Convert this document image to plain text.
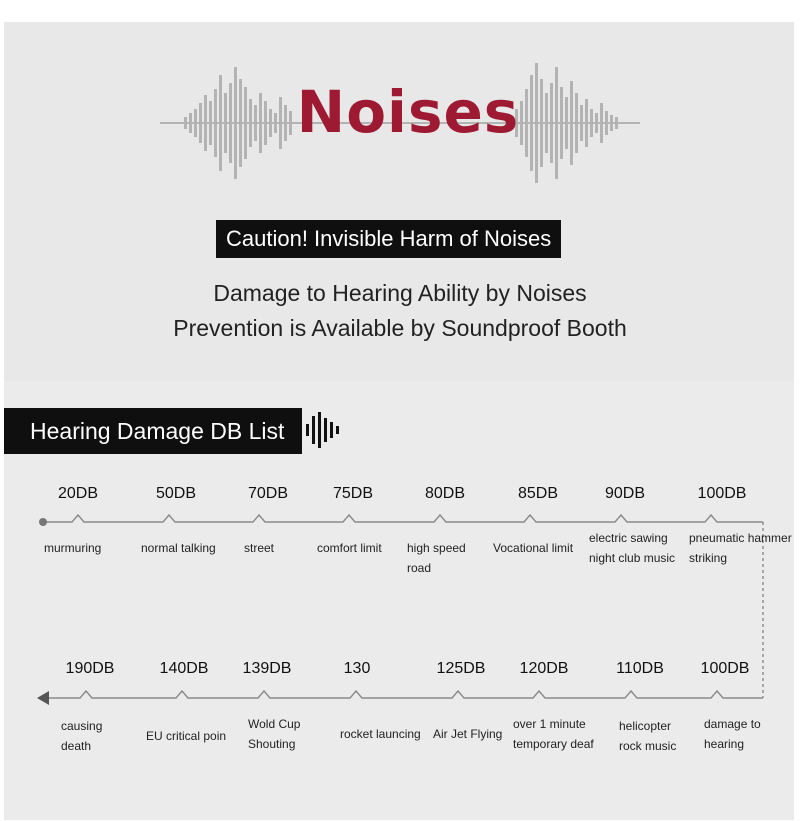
Noises
Caution! Invisible Harm of Noises
Damage to Hearing Ability by Noises
Prevention is Available by Soundproof Booth
Hearing Damage DB List
20DB
murmuring
50DB
normal talking
70DB
street
75DB
comfort limit
80DB
high speed
road
85DB
Vocational limit
90DB
electric sawing
night club music
100DB
pneumatic hammer
striking
190DB
causing
death
140DB
EU critical poin
139DB
Wold Cup
Shouting
130
rocket launcing
125DB
Air Jet Flying
120DB
over 1 minute
temporary deaf
110DB
helicopter
rock music
100DB
damage to
hearing
